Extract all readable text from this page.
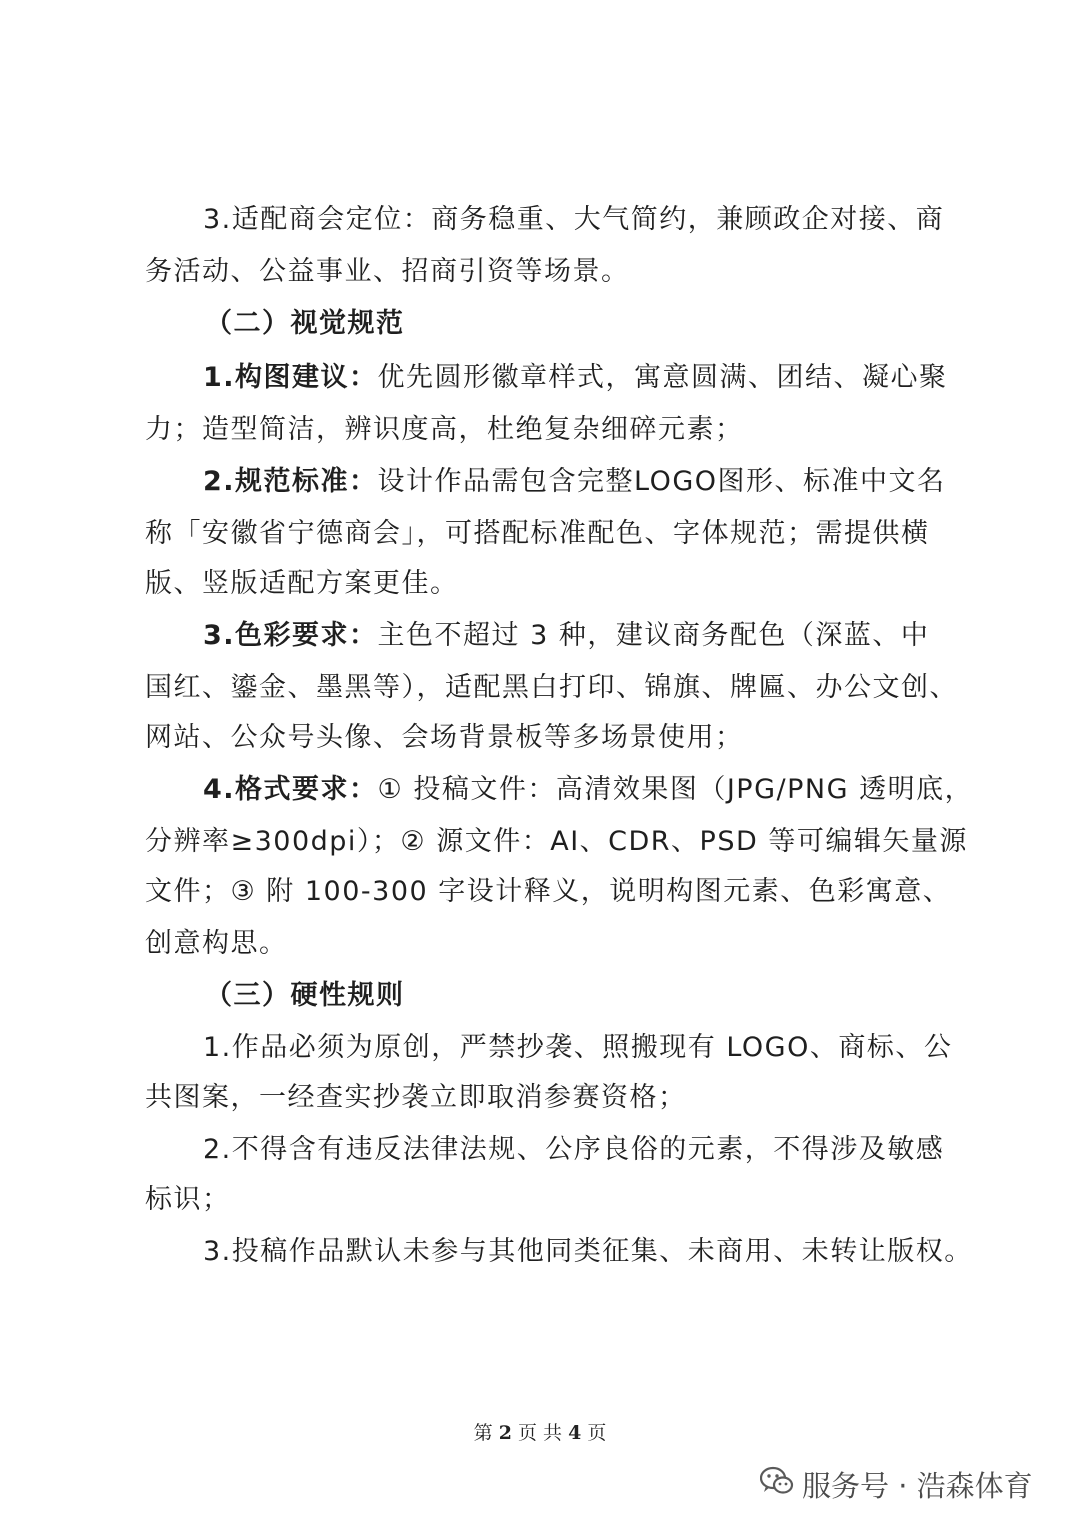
3.适配商会定位：商务稳重、大气简约，兼顾政企对接、商
务活动、公益事业、招商引资等场景。
（二）视觉规范
1.构图建议：优先圆形徽章样式，寓意圆满、团结、凝心聚
力；造型简洁，辨识度高，杜绝复杂细碎元素；
2.规范标准：设计作品需包含完整LOGO图形、标准中文名
称「安徽省宁德商会」，可搭配标准配色、字体规范；需提供横
版、竖版适配方案更佳。
3.色彩要求：主色不超过 3 种，建议商务配色（深蓝、中
国红、鎏金、墨黑等），适配黑白打印、锦旗、牌匾、办公文创、
网站、公众号头像、会场背景板等多场景使用；
4.格式要求：① 投稿文件：高清效果图（JPG/PNG 透明底，
分辨率≥300dpi）；② 源文件：AI、CDR、PSD 等可编辑矢量源
文件；③ 附 100-300 字设计释义，说明构图元素、色彩寓意、
创意构思。
（三）硬性规则
1.作品必须为原创，严禁抄袭、照搬现有 LOGO、商标、公
共图案，一经查实抄袭立即取消参赛资格；
2.不得含有违反法律法规、公序良俗的元素，不得涉及敏感
标识；
3.投稿作品默认未参与其他同类征集、未商用、未转让版权。
第 2 页 共 4 页
服务号 · 浩森体育
